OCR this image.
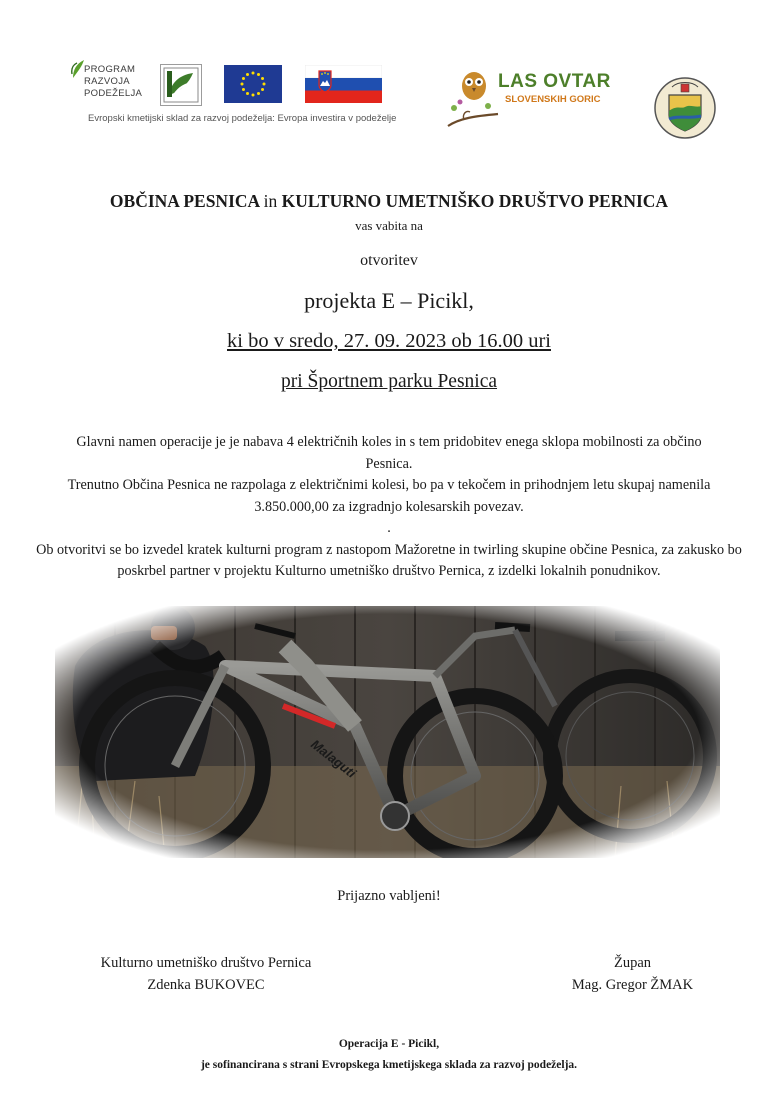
PROGRAM
RAZVOJA
PODEŽELJA
Evropski kmetijski sklad za razvoj podeželja: Evropa investira v podeželje
LAS OVTAR
SLOVENSKIH GORIC
OBČINA PESNICA in KULTURNO UMETNIŠKO DRUŠTVO PERNICA
vas vabita na
otvoritev
projekta E – Picikl,
ki bo v sredo, 27. 09. 2023 ob 16.00 uri
pri Športnem parku Pesnica

Glavni namen operacije je je nabava 4 električnih koles in s tem pridobitev enega sklopa mobilnosti za občino Pesnica.

Trenutno Občina Pesnica ne razpolaga z električnimi kolesi, bo pa v tekočem in prihodnjem letu skupaj namenila 3.850.000,00 za izgradnjo kolesarskih povezav.

.

Ob otvoritvi se bo izvedel kratek kulturni program z nastopom Mažoretne in twirling skupine občine Pesnica, za zakusko bo poskrbel partner v projektu Kulturno umetniško društvo Pernica, z izdelki lokalnih ponudnikov.

Prijazno vabljeni!
Kulturno umetniško društvo Pernica
Zdenka BUKOVEC
Župan
Mag. Gregor ŽMAK
Operacija E - Picikl,
je sofinancirana s strani Evropskega kmetijskega sklada za razvoj podeželja.
